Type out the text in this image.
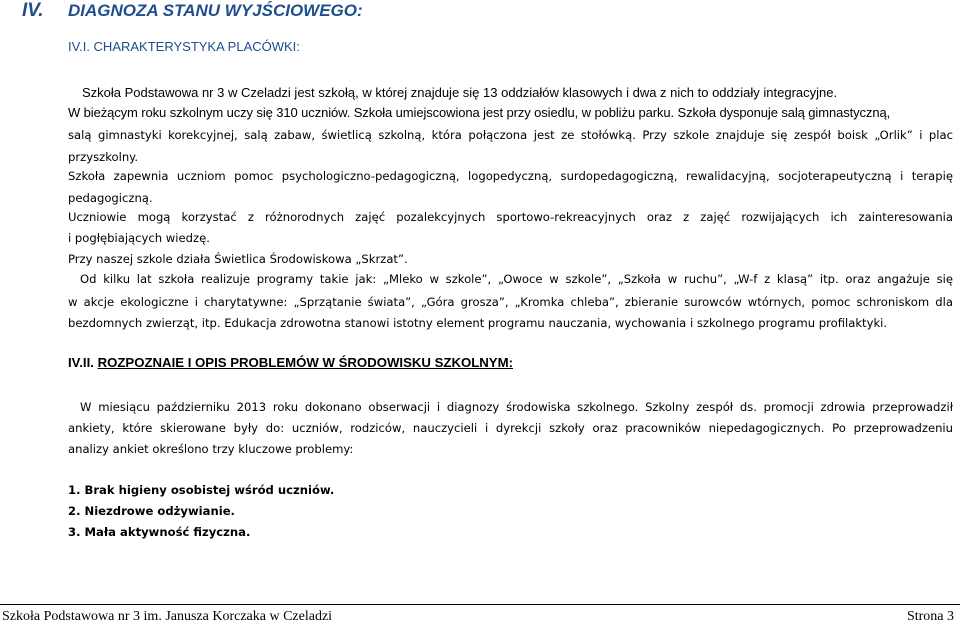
IV. DIAGNOZA STANU WYJŚCIOWEGO:
IV.I. CHARAKTERYSTYKA PLACÓWKI:
Szkoła Podstawowa nr 3 w Czeladzi jest szkołą, w której znajduje się 13 oddziałów klasowych i dwa z nich to oddziały integracyjne.
W bieżącym roku szkolnym uczy się 310 uczniów. Szkoła umiejscowiona jest przy osiedlu, w pobliżu parku. Szkoła dysponuje salą gimnastyczną,
salą gimnastyki korekcyjnej, salą zabaw, świetlicą szkolną, która połączona jest ze stołówką. Przy szkole znajduje się zespół boisk „Orlik” i plac
przyszkolny.
Szkoła zapewnia uczniom pomoc psychologiczno-pedagogiczną, logopedyczną, surdopedagogiczną, rewalidacyjną, socjoterapeutyczną i terapię
pedagogiczną.
Uczniowie mogą korzystać z różnorodnych zajęć pozalekcyjnych sportowo-rekreacyjnych oraz z zajęć rozwijających ich zainteresowania
i pogłębiających wiedzę.
Przy naszej szkole działa Świetlica Środowiskowa „Skrzat”.
Od kilku lat szkoła realizuje programy takie jak: „Mleko w szkole”, „Owoce w szkole”, „Szkoła w ruchu”, „W-f z klasą” itp. oraz angażuje się
w akcje ekologiczne i charytatywne: „Sprzątanie świata”, „Góra grosza”, „Kromka chleba”, zbieranie surowców wtórnych, pomoc schroniskom dla
bezdomnych zwierząt, itp. Edukacja zdrowotna stanowi istotny element programu nauczania, wychowania i szkolnego programu profilaktyki.
IV.II. ROZPOZNAIE I OPIS PROBLEMÓW W ŚRODOWISKU SZKOLNYM:
W miesiącu październiku 2013 roku dokonano obserwacji i diagnozy środowiska szkolnego. Szkolny zespół ds. promocji zdrowia przeprowadził
ankiety, które skierowane były do: uczniów, rodziców, nauczycieli i dyrekcji szkoły oraz pracowników niepedagogicznych. Po przeprowadzeniu
analizy ankiet określono trzy kluczowe problemy:
1. Brak higieny osobistej wśród uczniów.
2. Niezdrowe odżywianie.
3. Mała aktywność fizyczna.
Szkoła Podstawowa nr 3 im. Janusza Korczaka w Czeladzi	Strona 3
